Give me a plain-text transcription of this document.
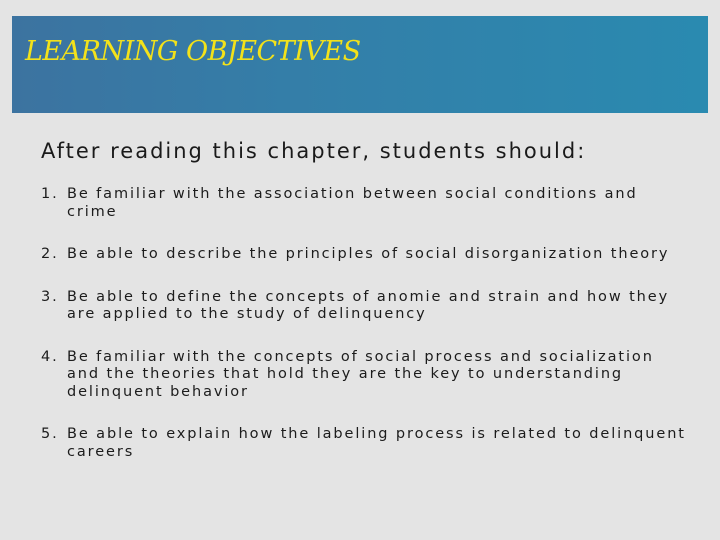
LEARNING OBJECTIVES

After reading this chapter, students should:

1. Be familiar with the association between social conditions and crime
2. Be able to describe the principles of social disorganization theory
3. Be able to define the concepts of anomie and strain and how they are applied to the study of delinquency
4. Be familiar with the concepts of social process and socialization and the theories that hold they are the key to understanding delinquent behavior
5. Be able to explain how the labeling process is related to delinquent careers
